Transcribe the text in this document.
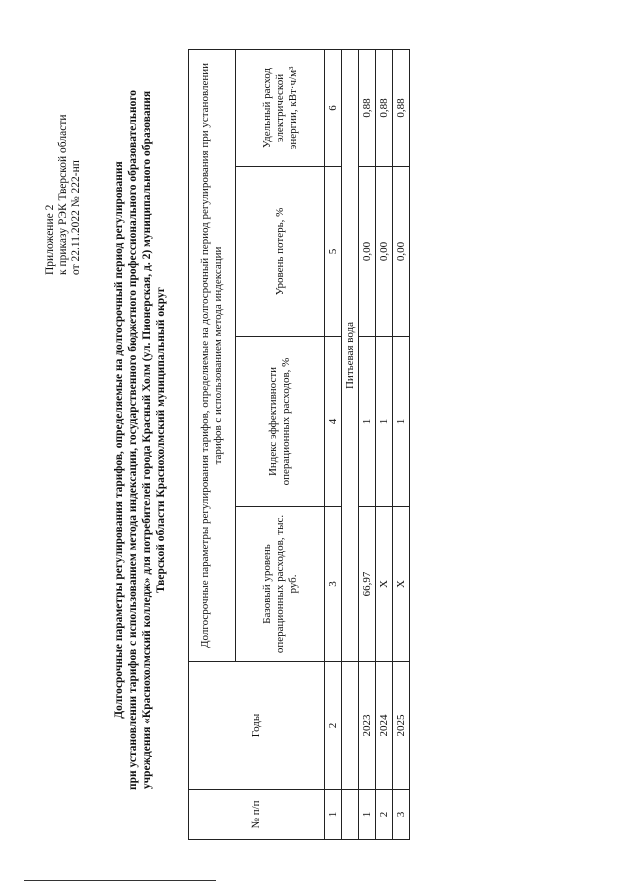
Приложение 2 к приказу РЭК Тверской области от 22.11.2022 № 222-нп	Долгосрочные параметры регулирования тарифов, определяемые на долгосрочный период регулирования при установлении тарифов с использованием метода индексации, государственного бюджетного профессионального образовательного учреждения «Краснохолмский колледж» для потребителей города Красный Холм (ул. Пионерская, д. 2) муниципального образования Тверской области Краснохолмский муниципальный округ
№ п/п	Годы	Долгосрочные параметры регулирования тарифов, определяемые на долгосрочный период регулирования при установлении тарифов с использованием метода индексации			
		Базовый уровень операционных расходов, тыс. руб.	Индекс эффективности операционных расходов, %	Уровень потерь, %	Удельный расход электрической энергии, кВт·ч/м³
1	2	3	4	5	6
		Питьевая вода			
1	2023	66,97	1	0,00	0,88
2	2024	Х	1	0,00	0,88
3	2025	Х	1	0,00	0,88
